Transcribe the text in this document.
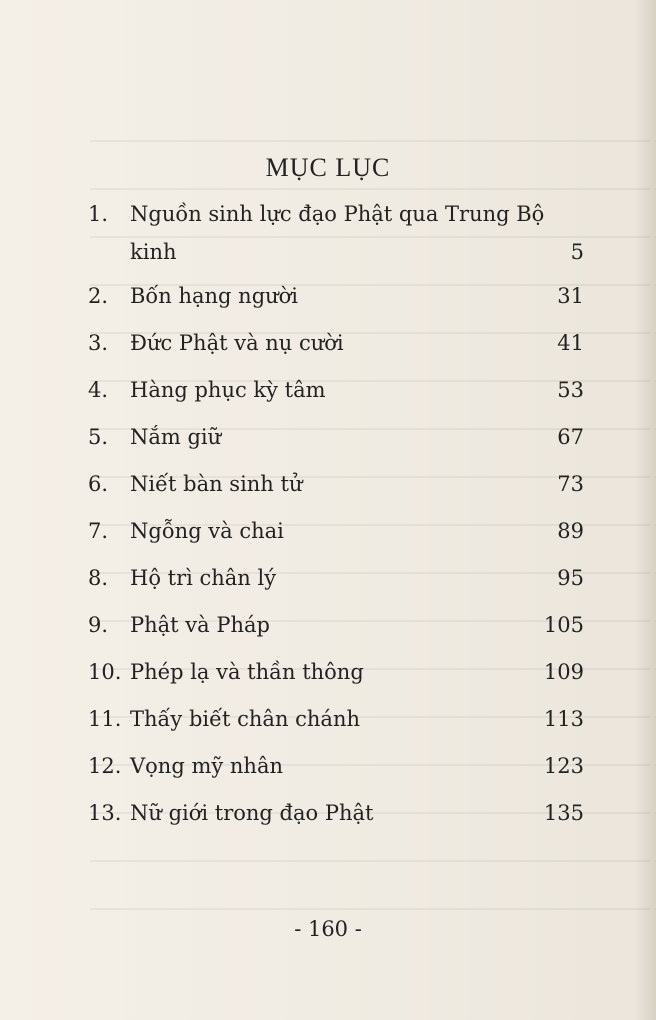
MỤC LỤC
1. Nguồn sinh lực đạo Phật qua Trung Bộ
kinh	5
2. Bốn hạng người	31
3. Đức Phật và nụ cười	41
4. Hàng phục kỳ tâm	53
5. Nắm giữ	67
6. Niết bàn sinh tử	73
7. Ngỗng và chai	89
8. Hộ trì chân lý	95
9. Phật và Pháp	105
10. Phép lạ và thần thông	109
11. Thấy biết chân chánh	113
12. Vọng mỹ nhân	123
13. Nữ giới trong đạo Phật	135
- 160 -
